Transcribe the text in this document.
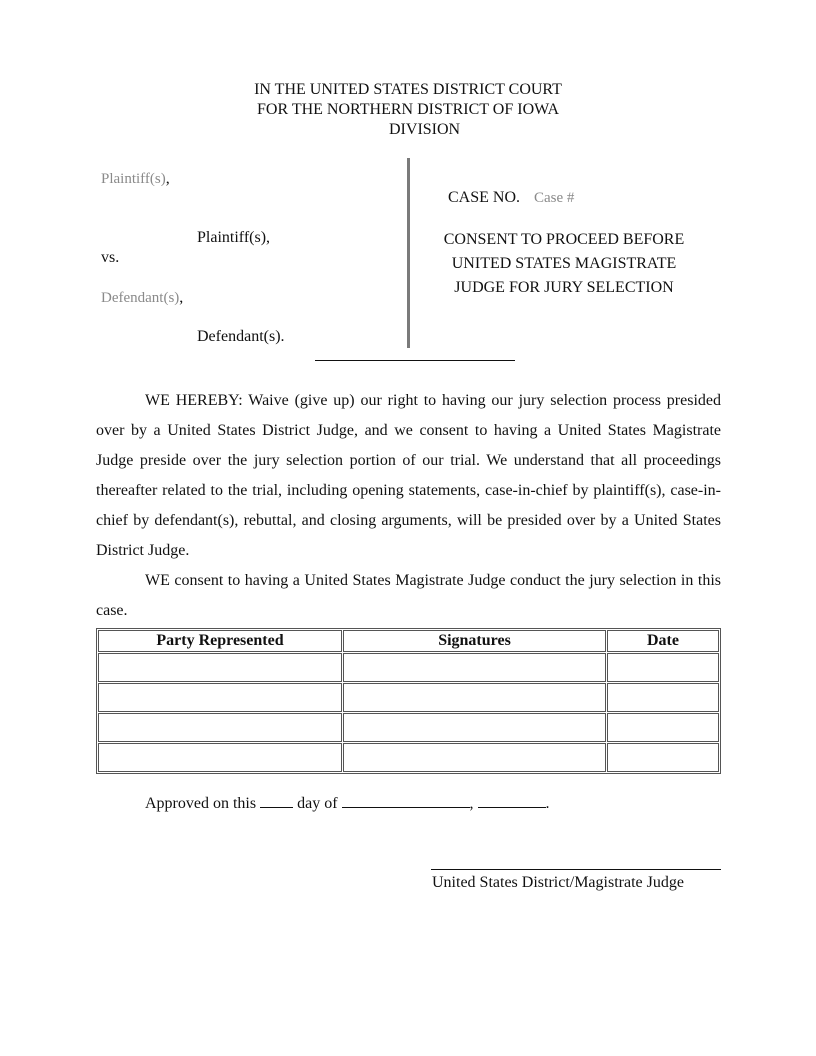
IN THE UNITED STATES DISTRICT COURT
FOR THE NORTHERN DISTRICT OF IOWA
DIVISION
Plaintiff(s),
Plaintiff(s),
vs.
Defendant(s),
Defendant(s).
CASE NO. Case #
CONSENT TO PROCEED BEFORE
UNITED STATES MAGISTRATE
JUDGE FOR JURY SELECTION

WE HEREBY: Waive (give up) our right to having our jury selection process presided over by a United States District Judge, and we consent to having a United States Magistrate Judge preside over the jury selection portion of our trial. We understand that all proceedings thereafter related to the trial, including opening statements, case-in-chief by plaintiff(s), case-in-chief by defendant(s), rebuttal, and closing arguments, will be presided over by a United States District Judge.

WE consent to having a United States Magistrate Judge conduct the jury selection in this case.

Party Represented	Signatures	Date

Approved on this	day of	,	.
United States District/Magistrate Judge
